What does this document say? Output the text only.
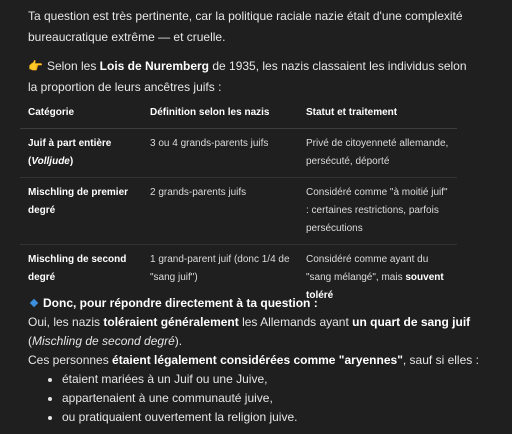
Ta question est très pertinente, car la politique raciale nazie était d'une complexité bureaucratique extrême — et cruelle.
👉 Selon les Lois de Nuremberg de 1935, les nazis classaient les individus selon la proportion de leurs ancêtres juifs :
Catégorie	Définition selon les nazis	Statut et traitement
Juif à part entière
(Volljude)	3 ou 4 grands-parents juifs	Privé de citoyenneté allemande, persécuté, déporté
Mischling de premier degré	2 grands-parents juifs	Considéré comme "à moitié juif" : certaines restrictions, parfois persécutions
Mischling de second degré	1 grand-parent juif (donc 1/4 de "sang juif")	Considéré comme ayant du "sang mélangé", mais souvent toléré
Donc, pour répondre directement à ta question :
Oui, les nazis toléraient généralement les Allemands ayant un quart de sang juif (Mischling de second degré).
Ces personnes étaient légalement considérées comme "aryennes", sauf si elles :
étaient mariées à un Juif ou une Juive,
appartenaient à une communauté juive,
ou pratiquaient ouvertement la religion juive.
